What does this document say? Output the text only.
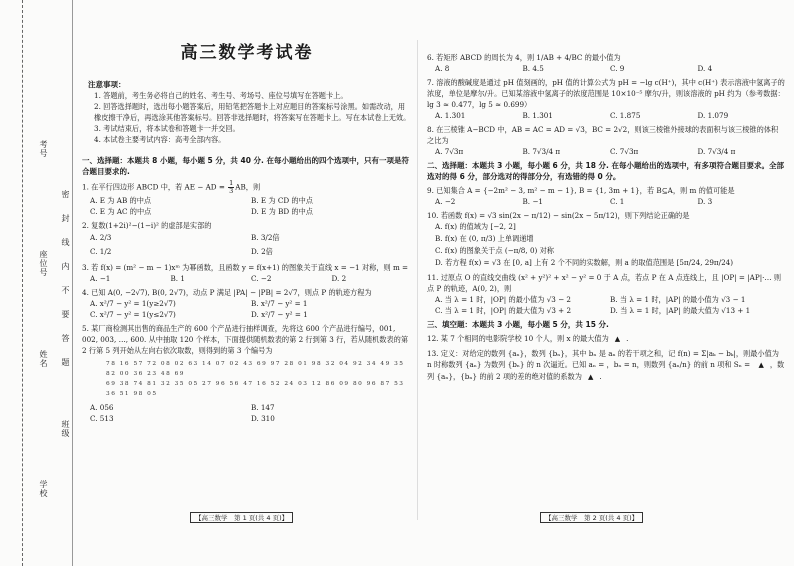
考号
座位号
姓名
学校
密
封
线
内
不
要
答
题
班级
高三数学考试卷
注意事项：

1. 答题前，考生务必将自己的姓名、考生号、考场号、座位号填写在答题卡上。

2. 回答选择题时，选出每小题答案后，用铅笔把答题卡上对应题目的答案标号涂黑。如需改动，用橡皮擦干净后，再选涂其他答案标号。回答非选择题时，将答案写在答题卡上。写在本试卷上无效。

3. 考试结束后，将本试卷和答题卡一并交回。

4. 本试卷主要考试内容：高考全部内容。

一、选择题：本题共 8 小题，每小题 5 分，共 40 分. 在每小题给出的四个选项中，只有一项是符合题目要求的.
1. 在平行四边形 ABCD 中，若 AE − AD = $\frac{1}{3}$ AB，则
A. E 为 AB 的中点	B. E 为 CD 的中点
C. E 为 AC 的中点	D. E 为 BD 的中点
2. 复数(1+2i)²−(1−i)² 的虚部是实部的
A. 2/3	B. 3/2倍
C. 1/2	D. 2倍
3. 若 f(x) = (m² − m − 1)xᵐ 为幂函数，且函数 y = f(x+1) 的图象关于直线 x = −1 对称，则 m =
A. −1	B. 1	C. −2	D. 2
4. 已知 A(0, −2√7), B(0, 2√7)，动点 P 满足 |PA| − |PB| = 2√7，则点 P 的轨迹方程为
A. x²/7 − y² = 1(y≥2√7)	B. x²/7 − y² = 1
C. x²/7 − y² = 1(y≤2√7)	D. x²/7 − y² = 1
5. 某厂商检测其出售的商品生产的 600 个产品进行抽样调查，先将这 600 个产品进行编号，001, 002, 003, …, 600. 从中抽取 120 个样本，下面提供随机数表的第 2 行到第 3 行，若从随机数表的第 2 行第 5 列开始从左向右依次取数，则得到的第 3 个编号为
78 16 57 72 08 02 63 14 07 02 43 69 97 28 01 98 32 04 92 34 49 35 82 00 36 23 48 69
69 38 74 81 32 35 05 27 96 56 47 16 52 24 03 12 86 09 80 96 87 53 36 51 98 05
A. 056	B. 147
C. 513	D. 310
【高三数学　第 1 页(共 4 页)】
6. 若矩形 ABCD 的周长为 4，则 1/AB + 4/BC 的最小值为
A. 8	B. 4.5	C. 9	D. 4
7. 溶液的酸碱度是通过 pH 值刻画的，pH 值的计算公式为 pH = −lg c(H⁺)，其中 c(H⁺) 表示溶液中氢离子的浓度，单位是摩尔/升。已知某溶液中氢离子的浓度范围是 10×10⁻⁵ 摩尔/升，则该溶液的 pH 约为（参考数据：lg 3 ≈ 0.477，lg 5 ≈ 0.699）
A. 1.301	B. 1.301	C. 1.875	D. 1.079
8. 在三棱锥 A−BCD 中，AB = AC = AD = √3，BC = 2√2，则该三棱锥外接球的表面积与该三棱锥的体积之比为
A. 7√3π	B. 7√3/4 π	C. 7√3π	D. 7√3/4 π
二、选择题：本题共 3 小题，每小题 6 分，共 18 分. 在每小题给出的选项中，有多项符合题目要求。全部选对的得 6 分，部分选对的得部分分，有选错的得 0 分。
9. 已知集合 A = {−2m² − 3, m² − m − 1}, B = {1, 3m + 1}，若 B⊆A，则 m 的值可能是
A. −2	B. −1	C. 1	D. 3
10. 若函数 f(x) = √3 sin(2x − π/12) − sin(2x − 5π/12)，则下列结论正确的是
A. f(x) 的值域为 [−2, 2]
B. f(x) 在 (0, π/3) 上单调递增
C. f(x) 的图象关于点 (−π/8, 0) 对称
D. 若方程 f(x) = √3 在 [0, a] 上有 2 个不同的实数解，则 a 的取值范围是 [5π/24, 29π/24)
11. 过原点 O 的直线交曲线 (x² + y²)² + x² − y² = 0 于 A 点，若点 P 在 A 点连线上，且 |OP| = |AP|·… 则点 P 的轨迹，A(0, 2)，则
A. 当 λ = 1 时，|OP| 的最小值为 √3 − 2	B. 当 λ = 1 时，|AP| 的最小值为 √3 − 1
C. 当 λ = 1 时，|OP| 的最大值为 √3 + 2	D. 当 λ = 1 时，|AP| 的最大值为 √13 + 1
三、填空题：本题共 3 小题，每小题 5 分，共 15 分.
12. 某 7 个相同的电影院学校 10 个人，则 x 的最大值为 ▲ .
13. 定义：对给定的数列 {aₙ}，数列 {bₙ}，其中 bₙ 是 aₙ 的若干项之和，记 f(n) = Σ|aₖ − bₖ|，则最小值为 n 时称数列 {aₙ} 为数列 {bₙ} 的 n 次逼近。已知 aₙ = ，bₙ = n，则数列 {aₙ/n} 的前 n 项和 Sₙ = ▲ ，数列 {aₙ}，{bₙ} 的前 2 项的差的绝对值的系数为 ▲ .
【高三数学　第 2 页(共 4 页)】
